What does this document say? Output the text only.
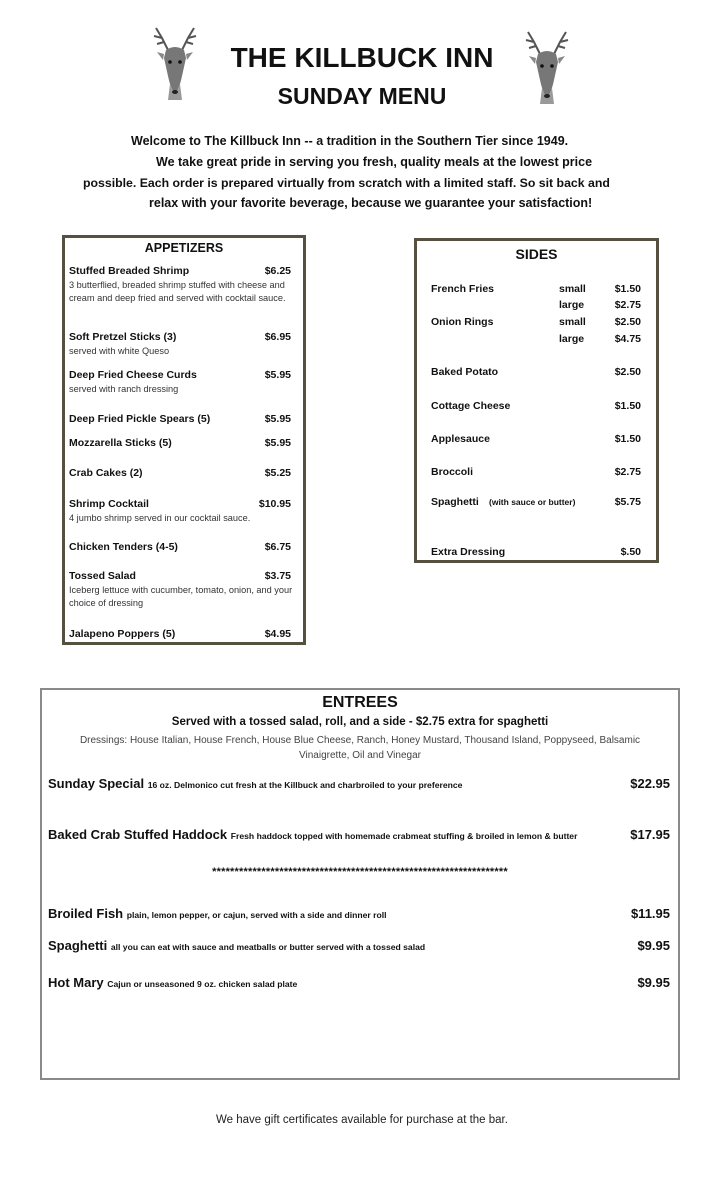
THE KILLBUCK INN
SUNDAY MENU
Welcome to The Killbuck Inn -- a tradition in the Southern Tier since 1949.
We take great pride in serving you fresh, quality meals at the lowest price
possible. Each order is prepared virtually from scratch with a limited staff. So sit back and
relax with your favorite beverage, because we guarantee your satisfaction!
APPETIZERS
Stuffed Breaded Shrimp	$6.25
3 butterflied, breaded shrimp stuffed with cheese and cream and deep fried and served with cocktail sauce.
Soft Pretzel Sticks (3)	$6.95
served with white Queso
Deep Fried Cheese Curds	$5.95
served with ranch dressing
Deep Fried Pickle Spears (5)	$5.95
Mozzarella Sticks (5)	$5.95
Crab Cakes (2)	$5.25
Shrimp Cocktail	$10.95
4 jumbo shrimp served in our cocktail sauce.
Chicken Tenders (4-5)	$6.75
Tossed Salad	$3.75
Iceberg lettuce with cucumber, tomato, onion, and your choice of dressing
Jalapeno Poppers (5)	$4.95
SIDES
French Fries	small	$1.50
large	$2.75
Onion Rings	small	$2.50
large	$4.75
Baked Potato	$2.50
Cottage Cheese	$1.50
Applesauce	$1.50
Broccoli	$2.75
Spaghetti (with sauce or butter)	$5.75
Extra Dressing	$.50
ENTREES
Served with a tossed salad, roll, and a side - $2.75 extra for spaghetti
Dressings: House Italian, House French, House Blue Cheese, Ranch, Honey Mustard, Thousand Island, Poppyseed, Balsamic Vinaigrette, Oil and Vinegar
******************************************************************
Sunday Special 16 oz. Delmonico cut fresh at the Killbuck and charbroiled to your preference	$22.95
Baked Crab Stuffed Haddock Fresh haddock topped with homemade crabmeat stuffing & broiled in lemon & butter	$17.95
Broiled Fish plain, lemon pepper, or cajun, served with a side and dinner roll	$11.95
Spaghetti all you can eat with sauce and meatballs or butter served with a tossed salad	$9.95
Hot Mary Cajun or unseasoned 9 oz. chicken salad plate	$9.95
We have gift certificates available for purchase at the bar.
